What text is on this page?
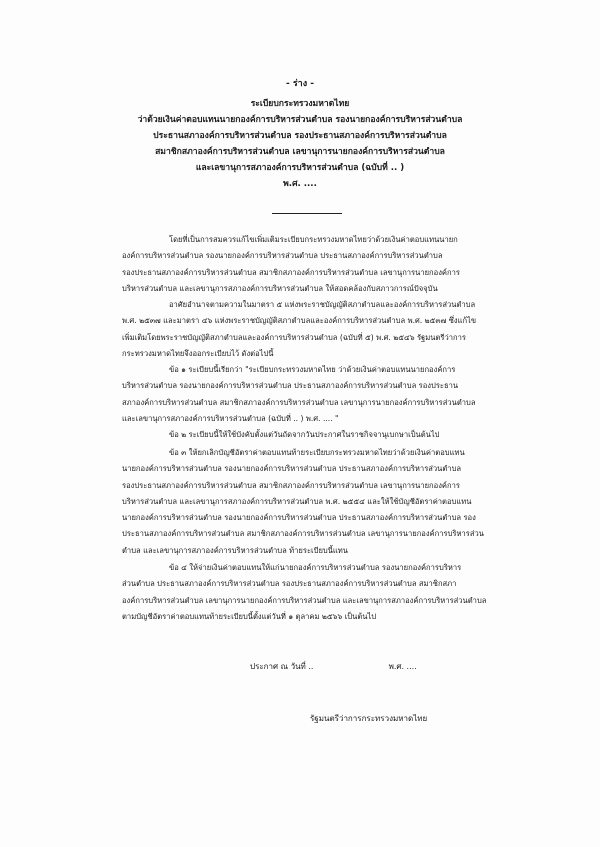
- ร่าง -
ระเบียบกระทรวงมหาดไทย
ว่าด้วยเงินค่าตอบแทนนายกองค์การบริหารส่วนตำบล รองนายกองค์การบริหารส่วนตำบล
ประธานสภาองค์การบริหารส่วนตำบล รองประธานสภาองค์การบริหารส่วนตำบล
สมาชิกสภาองค์การบริหารส่วนตำบล เลขานุการนายกองค์การบริหารส่วนตำบล
และเลขานุการสภาองค์การบริหารส่วนตำบล (ฉบับที่ .. )
พ.ศ. ....
โดยที่เป็นการสมควรแก้ไขเพิ่มเติมระเบียบกระทรวงมหาดไทยว่าด้วยเงินค่าตอบแทนนายก
องค์การบริหารส่วนตำบล รองนายกองค์การบริหารส่วนตำบล ประธานสภาองค์การบริหารส่วนตำบล
รองประธานสภาองค์การบริหารส่วนตำบล สมาชิกสภาองค์การบริหารส่วนตำบล เลขานุการนายกองค์การ
บริหารส่วนตำบล และเลขานุการสภาองค์การบริหารส่วนตำบล ให้สอดคล้องกับสภาวการณ์ปัจจุบัน
อาศัยอำนาจตามความในมาตรา ๕ แห่งพระราชบัญญัติสภาตำบลและองค์การบริหารส่วนตำบล
พ.ศ. ๒๕๓๗ และมาตรา ๔๖ แห่งพระราชบัญญัติสภาตำบลและองค์การบริหารส่วนตำบล พ.ศ. ๒๕๓๗ ซึ่งแก้ไข
เพิ่มเติมโดยพระราชบัญญัติสภาตำบลและองค์การบริหารส่วนตำบล (ฉบับที่ ๕) พ.ศ. ๒๕๔๖ รัฐมนตรีว่าการ
กระทรวงมหาดไทยจึงออกระเบียบไว้ ดังต่อไปนี้
ข้อ ๑ ระเบียบนี้เรียกว่า "ระเบียบกระทรวงมหาดไทย ว่าด้วยเงินค่าตอบแทนนายกองค์การ
บริหารส่วนตำบล รองนายกองค์การบริหารส่วนตำบล ประธานสภาองค์การบริหารส่วนตำบล รองประธาน
สภาองค์การบริหารส่วนตำบล สมาชิกสภาองค์การบริหารส่วนตำบล เลขานุการนายกองค์การบริหารส่วนตำบล
และเลขานุการสภาองค์การบริหารส่วนตำบล (ฉบับที่ .. ) พ.ศ. .... "
ข้อ ๒ ระเบียบนี้ให้ใช้บังคับตั้งแต่วันถัดจากวันประกาศในราชกิจจานุเบกษาเป็นต้นไป
ข้อ ๓ ให้ยกเลิกบัญชีอัตราค่าตอบแทนท้ายระเบียบกระทรวงมหาดไทยว่าด้วยเงินค่าตอบแทน
นายกองค์การบริหารส่วนตำบล รองนายกองค์การบริหารส่วนตำบล ประธานสภาองค์การบริหารส่วนตำบล
รองประธานสภาองค์การบริหารส่วนตำบล สมาชิกสภาองค์การบริหารส่วนตำบล เลขานุการนายกองค์การ
บริหารส่วนตำบล และเลขานุการสภาองค์การบริหารส่วนตำบล พ.ศ. ๒๕๕๔ และให้ใช้บัญชีอัตราค่าตอบแทน
นายกองค์การบริหารส่วนตำบล รองนายกองค์การบริหารส่วนตำบล ประธานสภาองค์การบริหารส่วนตำบล รอง
ประธานสภาองค์การบริหารส่วนตำบล สมาชิกสภาองค์การบริหารส่วนตำบล เลขานุการนายกองค์การบริหารส่วน
ตำบล และเลขานุการสภาองค์การบริหารส่วนตำบล ท้ายระเบียบนี้แทน
ข้อ ๔ ให้จ่ายเงินค่าตอบแทนให้แก่นายกองค์การบริหารส่วนตำบล รองนายกองค์การบริหาร
ส่วนตำบล ประธานสภาองค์การบริหารส่วนตำบล รองประธานสภาองค์การบริหารส่วนตำบล สมาชิกสภา
องค์การบริหารส่วนตำบล เลขานุการนายกองค์การบริหารส่วนตำบล และเลขานุการสภาองค์การบริหารส่วนตำบล
ตามบัญชีอัตราค่าตอบแทนท้ายระเบียบนี้ตั้งแต่วันที่ ๑ ตุลาคม ๒๕๖๖ เป็นต้นไป
ประกาศ ณ วันที่ ..	พ.ศ. ....
รัฐมนตรีว่าการกระทรวงมหาดไทย
